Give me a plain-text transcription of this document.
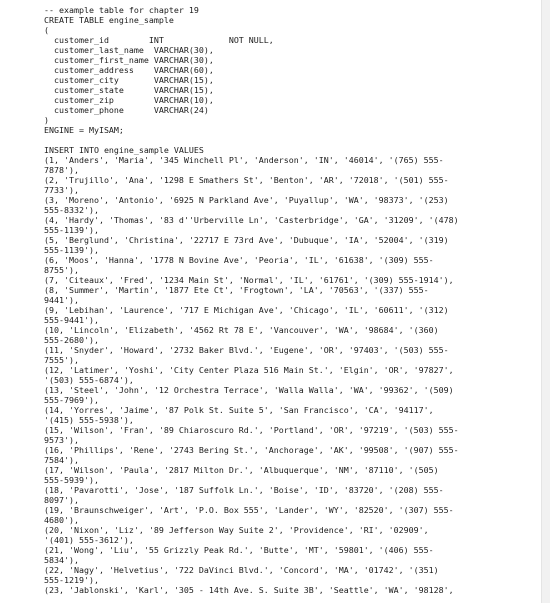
-- example table for chapter 19
CREATE TABLE engine_sample
(
customer_id        INT             NOT NULL,
customer_last_name  VARCHAR(30),
customer_first_name VARCHAR(30),
customer_address    VARCHAR(60),
customer_city       VARCHAR(15),
customer_state      VARCHAR(15),
customer_zip        VARCHAR(10),
customer_phone      VARCHAR(24)
)
ENGINE = MyISAM;
INSERT INTO engine_sample VALUES
(1, 'Anders', 'Maria', '345 Winchell Pl', 'Anderson', 'IN', '46014', '(765) 555-
7878'),
(2, 'Trujillo', 'Ana', '1298 E Smathers St', 'Benton', 'AR', '72018', '(501) 555-
7733'),
(3, 'Moreno', 'Antonio', '6925 N Parkland Ave', 'Puyallup', 'WA', '98373', '(253)
555-8332'),
(4, 'Hardy', 'Thomas', '83 d''Urberville Ln', 'Casterbridge', 'GA', '31209', '(478)
555-1139'),
(5, 'Berglund', 'Christina', '22717 E 73rd Ave', 'Dubuque', 'IA', '52004', '(319)
555-1139'),
(6, 'Moos', 'Hanna', '1778 N Bovine Ave', 'Peoria', 'IL', '61638', '(309) 555-
8755'),
(7, 'Citeaux', 'Fred', '1234 Main St', 'Normal', 'IL', '61761', '(309) 555-1914'),
(8, 'Summer', 'Martin', '1877 Ete Ct', 'Frogtown', 'LA', '70563', '(337) 555-
9441'),
(9, 'Lebihan', 'Laurence', '717 E Michigan Ave', 'Chicago', 'IL', '60611', '(312)
555-9441'),
(10, 'Lincoln', 'Elizabeth', '4562 Rt 78 E', 'Vancouver', 'WA', '98684', '(360)
555-2680'),
(11, 'Snyder', 'Howard', '2732 Baker Blvd.', 'Eugene', 'OR', '97403', '(503) 555-
7555'),
(12, 'Latimer', 'Yoshi', 'City Center Plaza 516 Main St.', 'Elgin', 'OR', '97827',
'(503) 555-6874'),
(13, 'Steel', 'John', '12 Orchestra Terrace', 'Walla Walla', 'WA', '99362', '(509)
555-7969'),
(14, 'Yorres', 'Jaime', '87 Polk St. Suite 5', 'San Francisco', 'CA', '94117',
'(415) 555-5938'),
(15, 'Wilson', 'Fran', '89 Chiaroscuro Rd.', 'Portland', 'OR', '97219', '(503) 555-
9573'),
(16, 'Phillips', 'Rene', '2743 Bering St.', 'Anchorage', 'AK', '99508', '(907) 555-
7584'),
(17, 'Wilson', 'Paula', '2817 Milton Dr.', 'Albuquerque', 'NM', '87110', '(505)
555-5939'),
(18, 'Pavarotti', 'Jose', '187 Suffolk Ln.', 'Boise', 'ID', '83720', '(208) 555-
8097'),
(19, 'Braunschweiger', 'Art', 'P.O. Box 555', 'Lander', 'WY', '82520', '(307) 555-
4680'),
(20, 'Nixon', 'Liz', '89 Jefferson Way Suite 2', 'Providence', 'RI', '02909',
'(401) 555-3612'),
(21, 'Wong', 'Liu', '55 Grizzly Peak Rd.', 'Butte', 'MT', '59801', '(406) 555-
5834'),
(22, 'Nagy', 'Helvetius', '722 DaVinci Blvd.', 'Concord', 'MA', '01742', '(351)
555-1219'),
(23, 'Jablonski', 'Karl', '305 - 14th Ave. S. Suite 3B', 'Seattle', 'WA', '98128',
